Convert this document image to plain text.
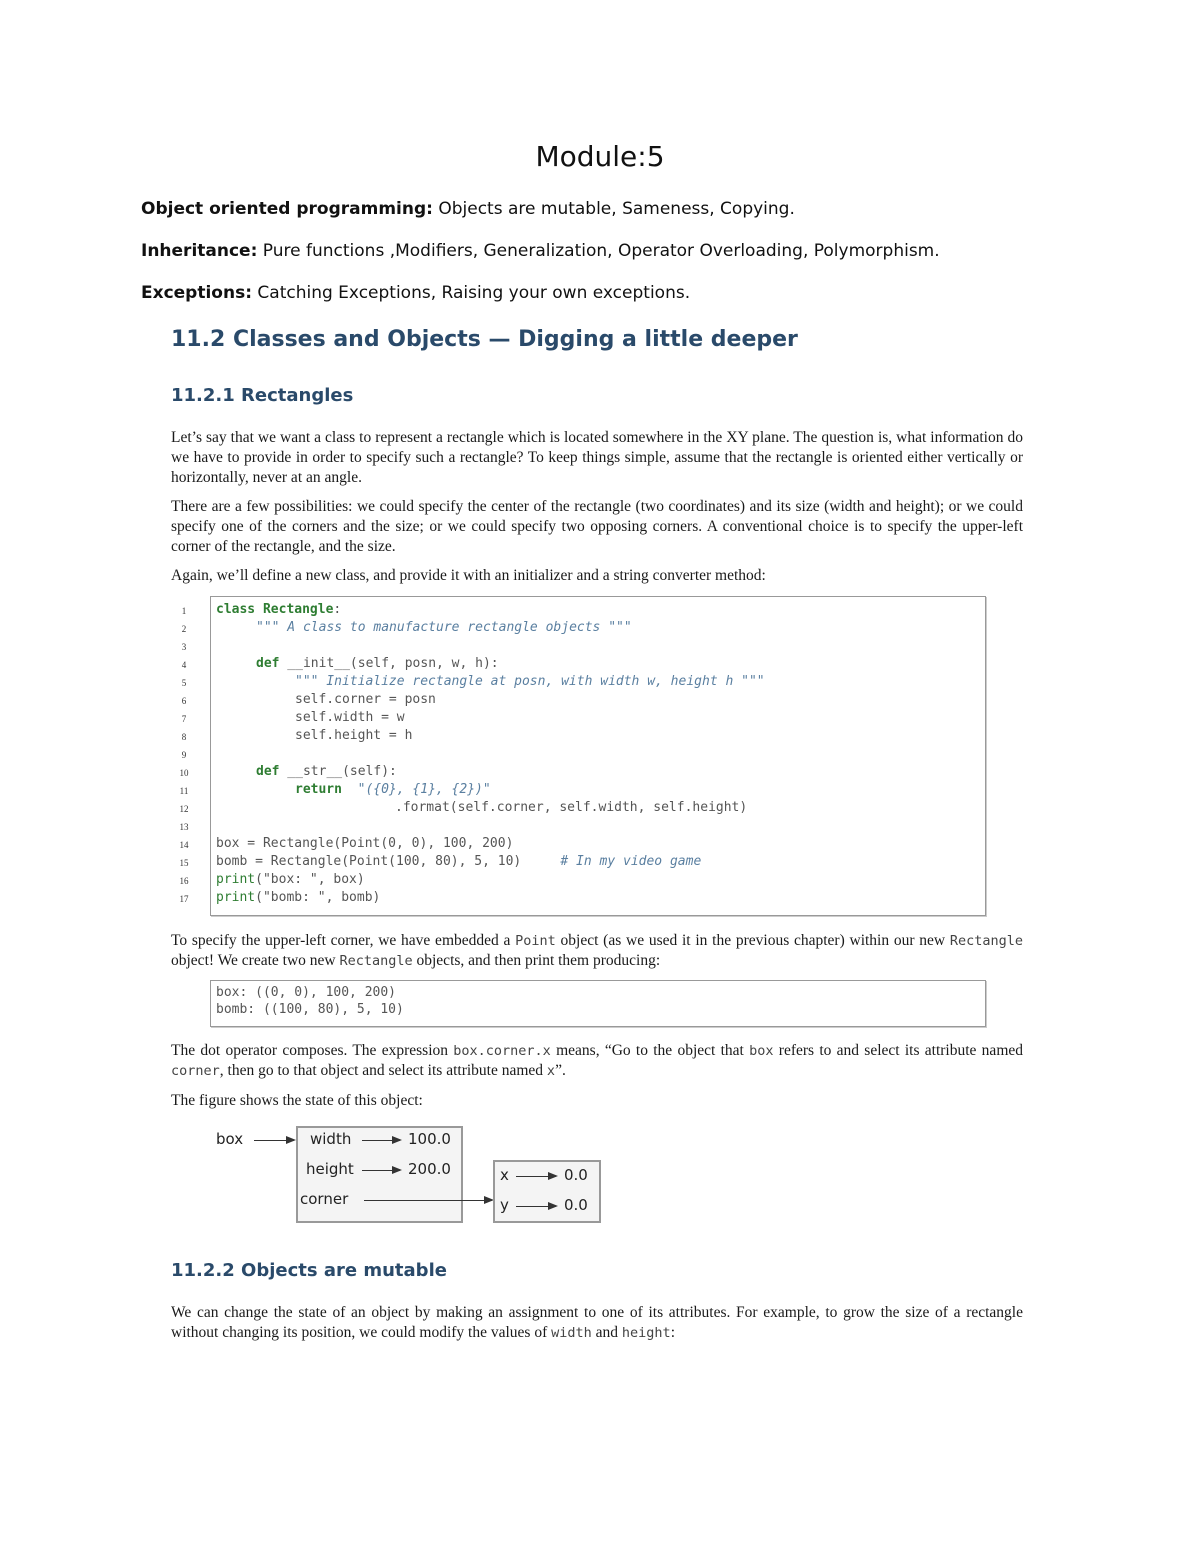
Module:5
Object oriented programming: Objects are mutable, Sameness, Copying.
Inheritance: Pure functions ,Modifiers, Generalization, Operator Overloading, Polymorphism.
Exceptions: Catching Exceptions, Raising your own exceptions.
11.2 Classes and Objects — Digging a little deeper
11.2.1 Rectangles
Let’s say that we want a class to represent a rectangle which is located somewhere in the XY plane. The question is, what information do we have to provide in order to specify such a rectangle? To keep things simple, assume that the rectangle is oriented either vertically or horizontally, never at an angle.
There are a few possibilities: we could specify the center of the rectangle (two coordinates) and its size (width and height); or we could specify one of the corners and the size; or we could specify two opposing corners. A conventional choice is to specify the upper-left corner of the rectangle, and the size.
Again, we’ll define a new class, and provide it with an initializer and a string converter method:
1
2
3
4
5
6
7
8
9
10
11
12
13
14
15
16
17
class Rectangle:
""" A class to manufacture rectangle objects """
def __init__(self, posn, w, h):
""" Initialize rectangle at posn, with width w, height h """
self.corner = posn
self.width = w
self.height = h
def __str__(self):
return "({0}, {1}, {2})"
.format(self.corner, self.width, self.height)
box = Rectangle(Point(0, 0), 100, 200)
bomb = Rectangle(Point(100, 80), 5, 10)	# In my video game
print("box: ", box)
print("bomb: ", bomb)
To specify the upper-left corner, we have embedded a Point object (as we used it in the previous chapter) within our new Rectangle object! We create two new Rectangle objects, and then print them producing:
box: ((0, 0), 100, 200)
bomb: ((100, 80), 5, 10)
The dot operator composes. The expression box.corner.x means, “Go to the object that box refers to and select its attribute named corner, then go to that object and select its attribute named x”.
The figure shows the state of this object:
box	width	100.0
height	200.0
corner
x	0.0
y	0.0
11.2.2 Objects are mutable
We can change the state of an object by making an assignment to one of its attributes. For example, to grow the size of a rectangle without changing its position, we could modify the values of width and height:
